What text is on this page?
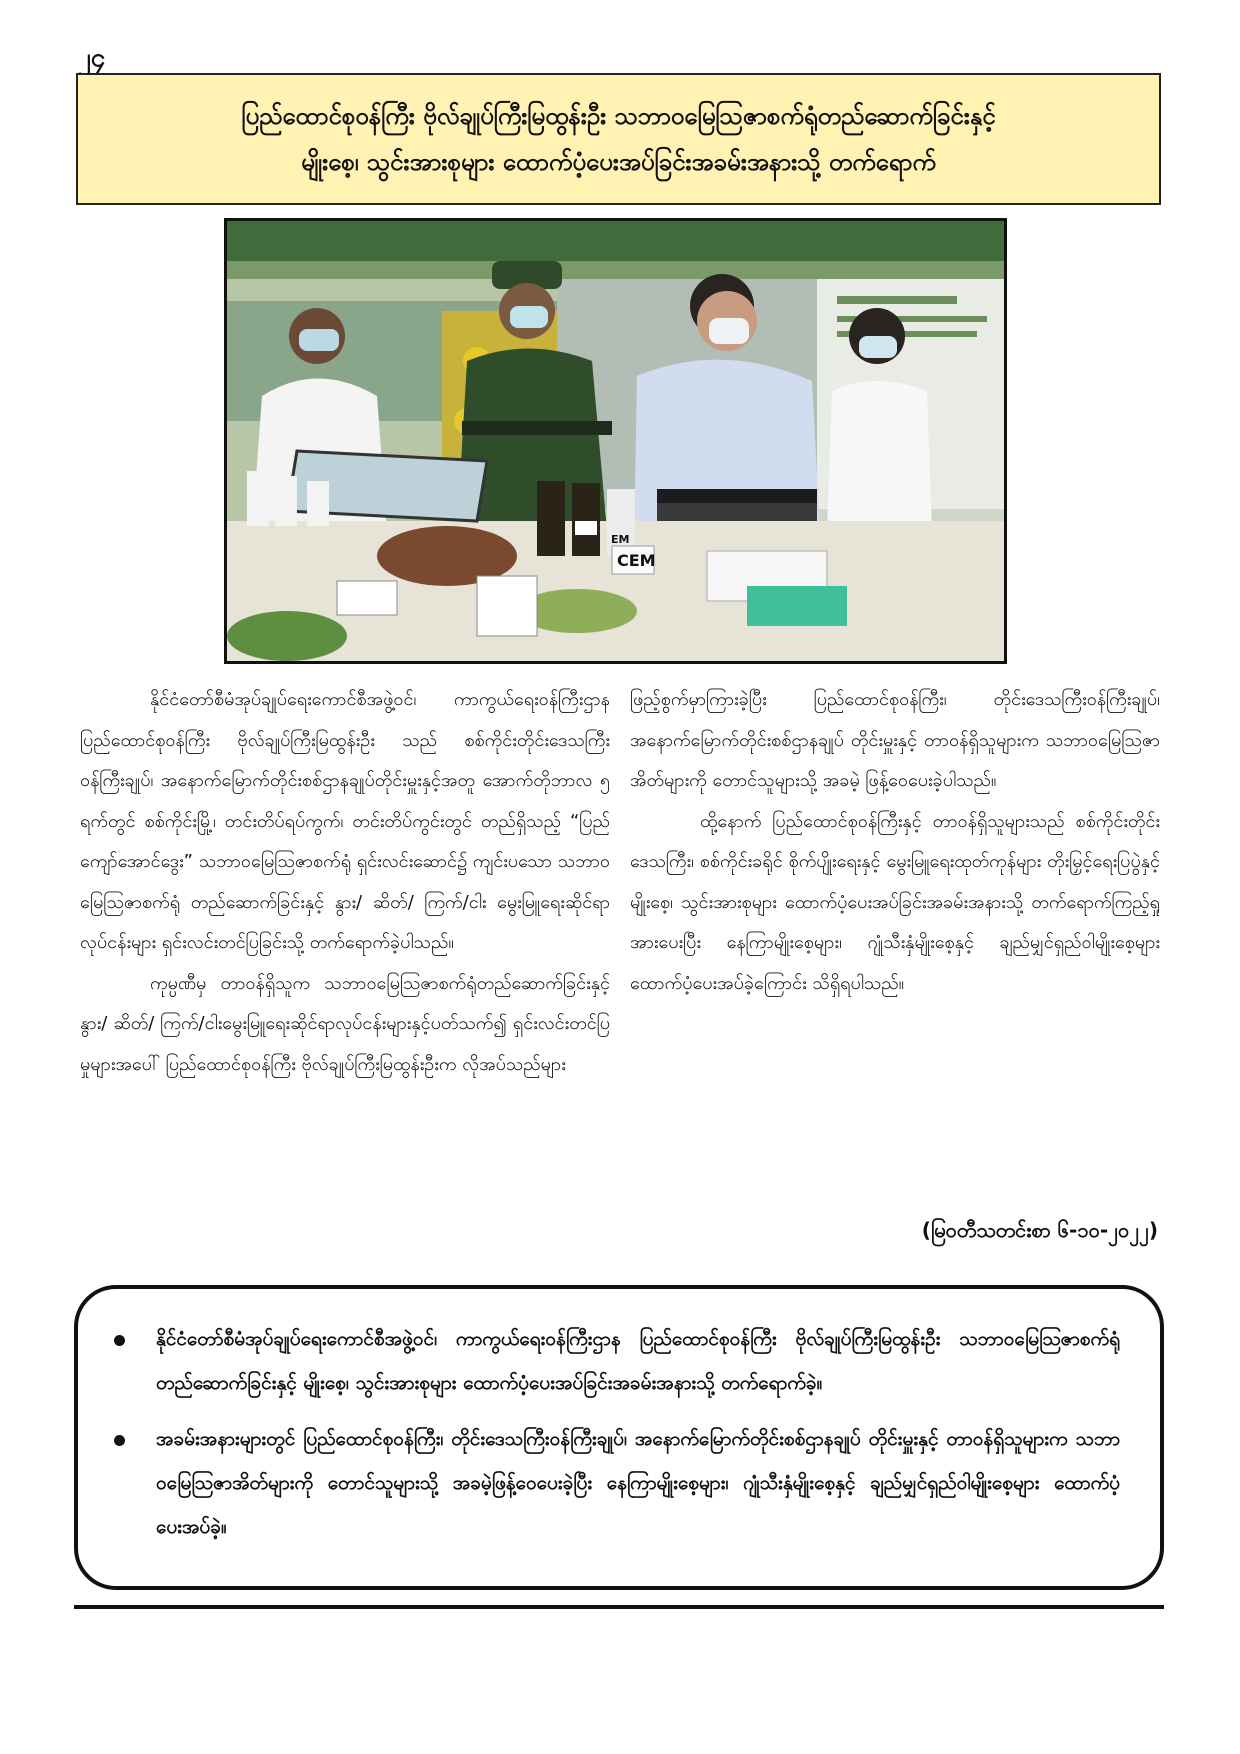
၂၄
ပြည်ထောင်စုဝန်ကြီး ဗိုလ်ချုပ်ကြီးမြထွန်းဦး သဘာဝမြေသြဇာစက်ရုံတည်ဆောက်ခြင်းနှင့်
မျိုးစေ့၊ သွင်းအားစုများ ထောက်ပံ့ပေးအပ်ခြင်းအခမ်းအနားသို့ တက်ရောက်
EM
CEM

နိုင်ငံတော်စီမံအုပ်ချုပ်ရေးကောင်စီအဖွဲ့ဝင်၊ ကာကွယ်ရေးဝန်ကြီးဌာန ပြည်ထောင်စုဝန်ကြီး ဗိုလ်ချုပ်ကြီးမြထွန်းဦး သည် စစ်ကိုင်းတိုင်းဒေသကြီးဝန်ကြီးချုပ်၊ အနောက်မြောက်တိုင်းစစ်ဌာနချုပ်တိုင်းမှူးနှင့်အတူ အောက်တိုဘာလ ၅ ရက်တွင် စစ်ကိုင်းမြို့၊ တင်းတိပ်ရပ်ကွက်၊ တင်းတိပ်ကွင်းတွင် တည်ရှိသည့် “ပြည်ကျော်အောင်ဒွေး” သဘာဝမြေသြဇာစက်ရုံ ရှင်းလင်းဆောင်၌ ကျင်းပသော သဘာဝမြေသြဇာစက်ရုံ တည်ဆောက်ခြင်းနှင့် နွား/ ဆိတ်/ ကြက်/ငါး မွေးမြူရေးဆိုင်ရာလုပ်ငန်းများ ရှင်းလင်းတင်ပြခြင်းသို့ တက်ရောက်ခဲ့ပါသည်။

ကုမ္ပဏီမှ တာဝန်ရှိသူက သဘာဝမြေသြဇာစက်ရုံတည်ဆောက်ခြင်းနှင့် နွား/ ဆိတ်/ ကြက်/ငါးမွေးမြူရေးဆိုင်ရာလုပ်ငန်းများနှင့်ပတ်သက်၍ ရှင်းလင်းတင်ပြမှုများအပေါ် ပြည်ထောင်စုဝန်ကြီး ဗိုလ်ချုပ်ကြီးမြထွန်းဦးက လိုအပ်သည်များ

ဖြည့်စွက်မှာကြားခဲ့ပြီး ပြည်ထောင်စုဝန်ကြီး၊ တိုင်းဒေသကြီးဝန်ကြီးချုပ်၊ အနောက်မြောက်တိုင်းစစ်ဌာနချုပ် တိုင်းမှူးနှင့် တာဝန်ရှိသူများက သဘာဝမြေသြဇာအိတ်များကို တောင်သူများသို့ အခမဲ့ ဖြန့်ဝေပေးခဲ့ပါသည်။

ထို့နောက် ပြည်ထောင်စုဝန်ကြီးနှင့် တာဝန်ရှိသူများသည် စစ်ကိုင်းတိုင်းဒေသကြီး၊ စစ်ကိုင်းခရိုင် စိုက်ပျိုးရေးနှင့် မွေးမြူရေးထုတ်ကုန်များ တိုးမြှင့်ရေးပြပွဲနှင့် မျိုးစေ့၊ သွင်းအားစုများ ထောက်ပံ့ပေးအပ်ခြင်းအခမ်းအနားသို့ တက်ရောက်ကြည့်ရှုအားပေးပြီး နေကြာမျိုးစေ့များ၊ ဂျုံသီးနှံမျိုးစေ့နှင့် ချည်မျှင်ရှည်ဝါမျိုးစေ့များ ထောက်ပံ့ပေးအပ်ခဲ့ကြောင်း သိရှိရပါသည်။

(မြဝတီသတင်းစာ ၆-၁၀-၂၀၂၂)
နိုင်ငံတော်စီမံအုပ်ချုပ်ရေးကောင်စီအဖွဲ့ဝင်၊ ကာကွယ်ရေးဝန်ကြီးဌာန ပြည်ထောင်စုဝန်ကြီး ဗိုလ်ချုပ်ကြီးမြထွန်းဦး သဘာဝမြေသြဇာစက်ရုံ တည်ဆောက်ခြင်းနှင့် မျိုးစေ့၊ သွင်းအားစုများ ထောက်ပံ့ပေးအပ်ခြင်းအခမ်းအနားသို့ တက်ရောက်ခဲ့။
အခမ်းအနားများတွင် ပြည်ထောင်စုဝန်ကြီး၊ တိုင်းဒေသကြီးဝန်ကြီးချုပ်၊ အနောက်မြောက်တိုင်းစစ်ဌာနချုပ် တိုင်းမှူးနှင့် တာဝန်ရှိသူများက သဘာဝမြေသြဇာအိတ်များကို တောင်သူများသို့ အခမဲ့ဖြန့်ဝေပေးခဲ့ပြီး နေကြာမျိုးစေ့များ၊ ဂျုံသီးနှံမျိုးစေ့နှင့် ချည်မျှင်ရှည်ဝါမျိုးစေ့များ ထောက်ပံ့ပေးအပ်ခဲ့။
